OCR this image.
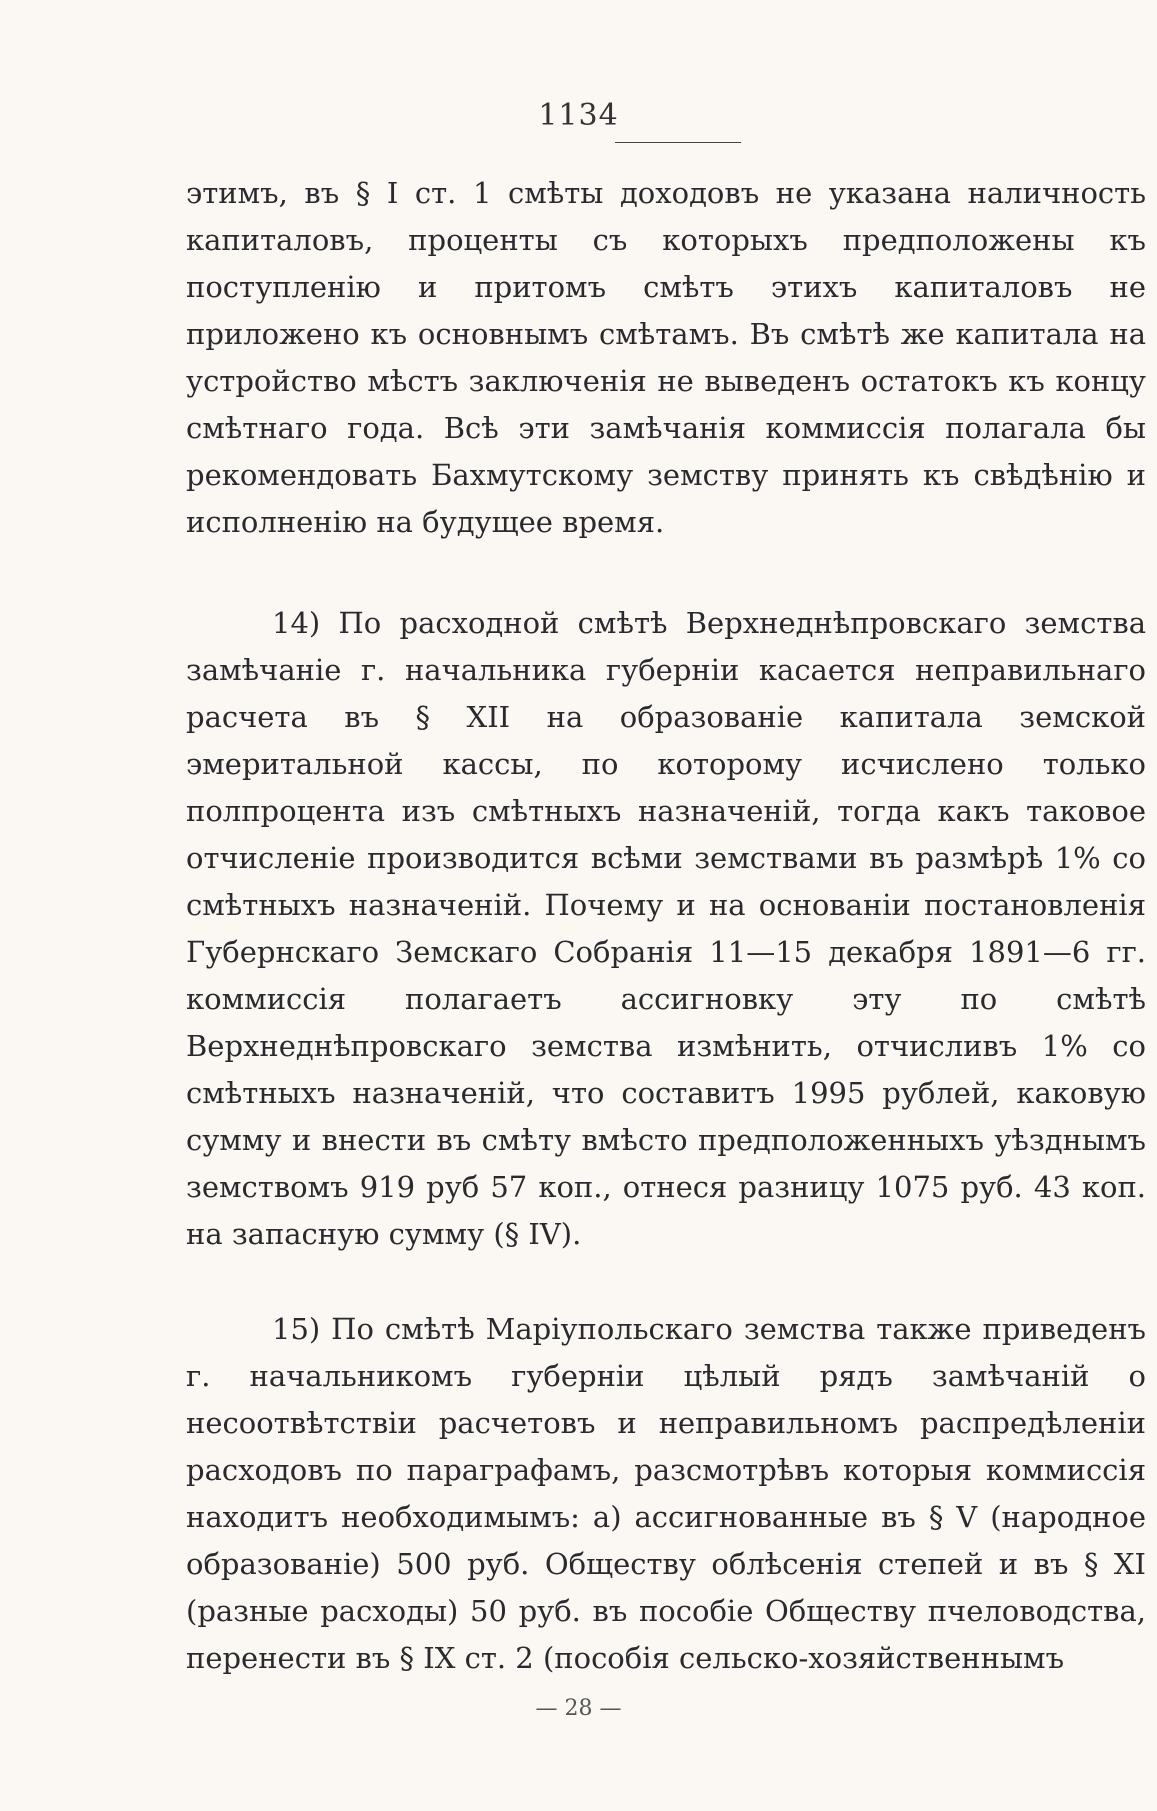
1134

этимъ, въ § I ст. 1 смѣты доходовъ не указана наличность капиталовъ, проценты съ которыхъ предположены къ поступленію и притомъ смѣтъ этихъ капиталовъ не приложено къ основнымъ смѣтамъ. Въ смѣтѣ же капитала на устройство мѣстъ заключенія не выведенъ остатокъ къ концу смѣтнаго года. Всѣ эти замѣчанія коммиссія полагала бы рекомендовать Бахмутскому земству принять къ свѣдѣнію и исполненію на будущее время.

14) По расходной смѣтѣ Верхнеднѣпровскаго земства замѣчаніе г. начальника губерніи касается неправильнаго расчета въ § XII на образованіе капитала земской эмеритальной кассы, по которому исчислено только полпроцента изъ смѣтныхъ назначеній, тогда какъ таковое отчисленіе производится всѣми земствами въ размѣрѣ 1% со смѣтныхъ назначеній. Почему и на основаніи постановленія Губернскаго Земскаго Собранія 11—15 декабря 1891—6 гг. коммиссія полагаетъ ассигновку эту по смѣтѣ Верхнеднѣпровскаго земства измѣнить, отчисливъ 1% со смѣтныхъ назначеній, что составитъ 1995 рублей, каковую сумму и внести въ смѣту вмѣсто предположенныхъ уѣзднымъ земствомъ 919 руб 57 коп., отнеся разницу 1075 руб. 43 коп. на запасную сумму (§ IV).

15) По смѣтѣ Маріупольскаго земства также приведенъ г. начальникомъ губерніи цѣлый рядъ замѣчаній о несоотвѣтствіи расчетовъ и неправильномъ распредѣленіи расходовъ по параграфамъ, разсмотрѣвъ которыя коммиссія находитъ необходимымъ: а) ассигнованные въ § V (народное образованіе) 500 руб. Обществу облѣсенія степей и въ § XI (разные расходы) 50 руб. въ пособіе Обществу пчеловодства, перенести въ § IX ст. 2 (пособія сельско-хозяйственнымъ

— 28 —
